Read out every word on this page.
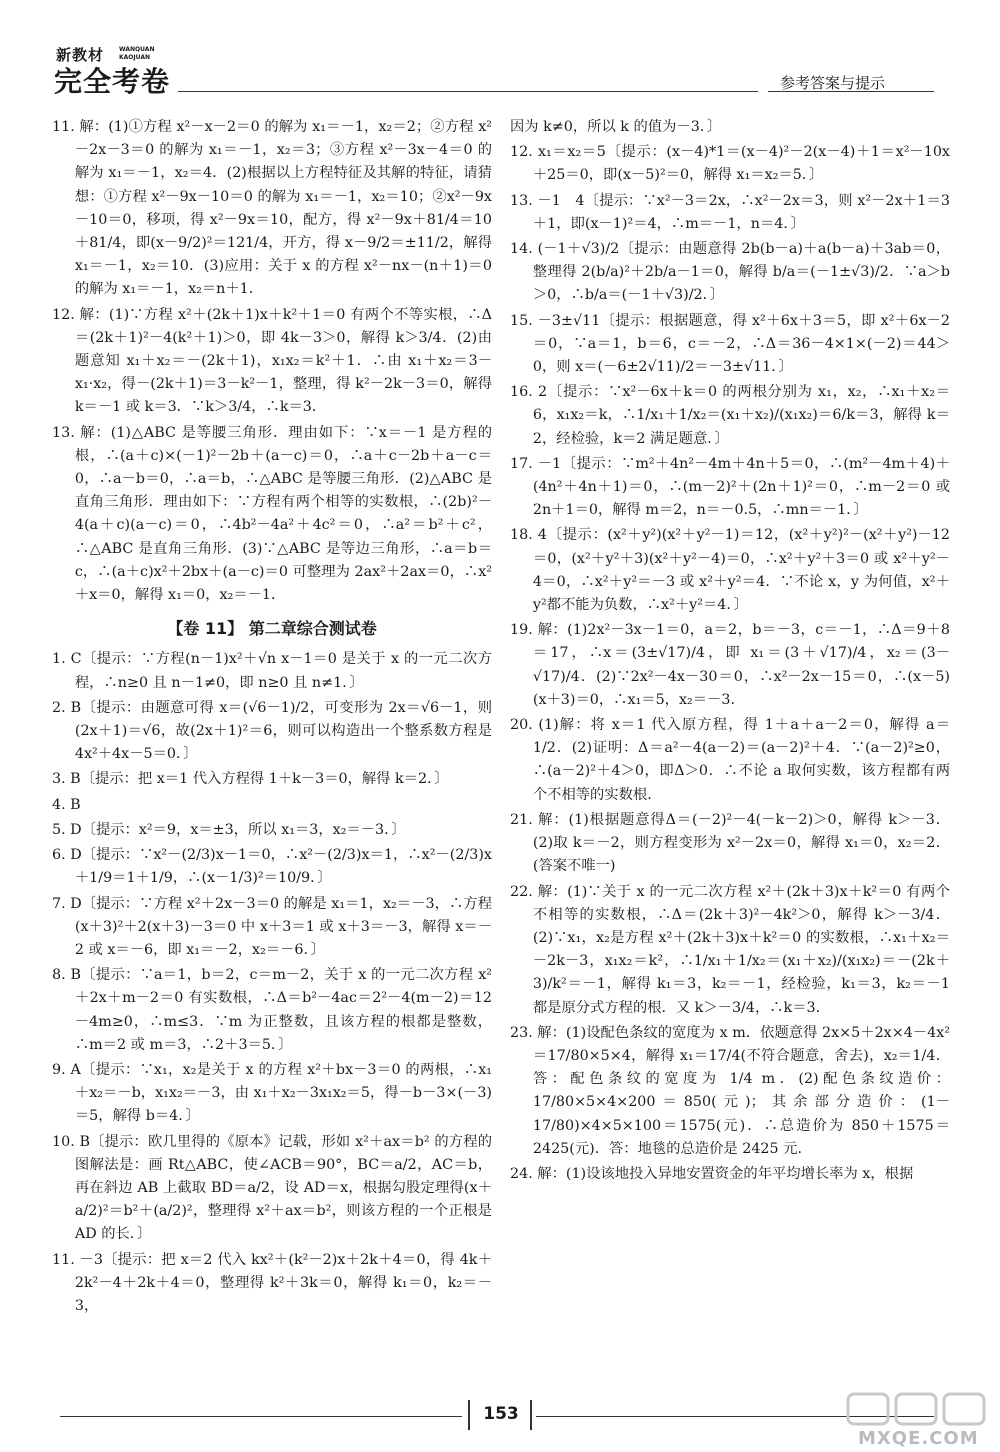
新教材 WANQUAN
KAOJUAN
完全考卷	参考答案与提示

11. 解：(1)①方程 x²－x－2＝0 的解为 x₁＝－1，x₂＝2；②方程 x²－2x－3＝0 的解为 x₁＝－1，x₂＝3；③方程 x²－3x－4＝0 的解为 x₁＝－1，x₂＝4．(2)根据以上方程特征及其解的特征，请猜想：①方程 x²－9x－10＝0 的解为 x₁＝－1，x₂＝10；②x²－9x－10＝0，移项，得 x²－9x＝10，配方，得 x²－9x＋81/4＝10＋81/4，即(x－9/2)²＝121/4，开方，得 x－9/2＝±11/2，解得 x₁＝－1，x₂＝10．(3)应用：关于 x 的方程 x²－nx－(n＋1)＝0 的解为 x₁＝－1，x₂＝n＋1．

12. 解：(1)∵方程 x²＋(2k＋1)x＋k²＋1＝0 有两个不等实根，∴Δ＝(2k＋1)²－4(k²＋1)＞0，即 4k－3＞0，解得 k＞3/4．(2)由题意知 x₁＋x₂＝－(2k＋1)，x₁x₂＝k²＋1．∴由 x₁＋x₂＝3－x₁·x₂，得－(2k＋1)＝3－k²－1，整理，得 k²－2k－3＝0，解得 k＝－1 或 k＝3．∵k＞3/4，∴k＝3．

13. 解：(1)△ABC 是等腰三角形．理由如下：∵x＝－1 是方程的根，∴(a＋c)×(－1)²－2b＋(a－c)＝0，∴a＋c－2b＋a－c＝0，∴a－b＝0，∴a＝b，∴△ABC 是等腰三角形．(2)△ABC 是直角三角形．理由如下：∵方程有两个相等的实数根，∴(2b)²－4(a＋c)(a－c)＝0，∴4b²－4a²＋4c²＝0，∴a²＝b²＋c²，∴△ABC 是直角三角形．(3)∵△ABC 是等边三角形，∴a＝b＝c，∴(a＋c)x²＋2bx＋(a－c)＝0 可整理为 2ax²＋2ax＝0，∴x²＋x＝0，解得 x₁＝0，x₂＝－1．

【卷 11】 第二章综合测试卷

1. C〔提示：∵方程(n－1)x²＋√n x－1＝0 是关于 x 的一元二次方程，∴n≥0 且 n－1≠0，即 n≥0 且 n≠1．〕

2. B〔提示：由题意可得 x＝(√6－1)/2，可变形为 2x＝√6－1，则(2x＋1)＝√6，故(2x＋1)²＝6，则可以构造出一个整系数方程是 4x²＋4x－5＝0．〕

3. B〔提示：把 x＝1 代入方程得 1＋k－3＝0，解得 k＝2．〕

4. B

5. D〔提示：x²＝9，x＝±3，所以 x₁＝3，x₂＝－3．〕

6. D〔提示：∵x²－(2/3)x－1＝0，∴x²－(2/3)x＝1，∴x²－(2/3)x＋1/9＝1＋1/9，∴(x－1/3)²＝10/9．〕

7. D〔提示：∵方程 x²＋2x－3＝0 的解是 x₁＝1，x₂＝－3，∴方程(x＋3)²＋2(x＋3)－3＝0 中 x＋3＝1 或 x＋3＝－3，解得 x＝－2 或 x＝－6，即 x₁＝－2，x₂＝－6．〕

8. B〔提示：∵a＝1，b＝2，c＝m－2，关于 x 的一元二次方程 x²＋2x＋m－2＝0 有实数根，∴Δ＝b²－4ac＝2²－4(m－2)＝12－4m≥0，∴m≤3．∵m 为正整数，且该方程的根都是整数，∴m＝2 或 m＝3，∴2＋3＝5．〕

9. A〔提示：∵x₁，x₂是关于 x 的方程 x²＋bx－3＝0 的两根，∴x₁＋x₂＝－b，x₁x₂＝－3，由 x₁＋x₂－3x₁x₂＝5，得－b－3×(－3)＝5，解得 b＝4．〕

10. B〔提示：欧几里得的《原本》记载，形如 x²＋ax＝b² 的方程的图解法是：画 Rt△ABC，使∠ACB＝90°，BC＝a/2，AC＝b，再在斜边 AB 上截取 BD＝a/2，设 AD＝x，根据勾股定理得(x＋a/2)²＝b²＋(a/2)²，整理得 x²＋ax＝b²，则该方程的一个正根是 AD 的长．〕

11. －3〔提示：把 x＝2 代入 kx²＋(k²－2)x＋2k＋4＝0，得 4k＋2k²－4＋2k＋4＝0，整理得 k²＋3k＝0，解得 k₁＝0，k₂＝－3，

因为 k≠0，所以 k 的值为－3．〕

12. x₁＝x₂＝5〔提示：(x－4)*1＝(x－4)²－2(x－4)＋1＝x²－10x＋25＝0，即(x－5)²＝0，解得 x₁＝x₂＝5．〕

13. －1　4〔提示：∵x²－3＝2x，∴x²－2x＝3，则 x²－2x＋1＝3＋1，即(x－1)²＝4，∴m＝－1，n＝4．〕

14. (－1＋√3)/2〔提示：由题意得 2b(b－a)＋a(b－a)＋3ab＝0，整理得 2(b/a)²＋2b/a－1＝0，解得 b/a＝(－1±√3)/2．∵a＞b＞0，∴b/a＝(－1＋√3)/2．〕

15. －3±√11〔提示：根据题意，得 x²＋6x＋3＝5，即 x²＋6x－2＝0，∵a＝1，b＝6，c＝－2，∴Δ＝36－4×1×(－2)＝44＞0，则 x＝(－6±2√11)/2＝－3±√11．〕

16. 2〔提示：∵x²－6x＋k＝0 的两根分别为 x₁，x₂，∴x₁＋x₂＝6，x₁x₂＝k，∴1/x₁＋1/x₂＝(x₁＋x₂)/(x₁x₂)＝6/k＝3，解得 k＝2，经检验，k＝2 满足题意．〕

17. －1〔提示：∵m²＋4n²－4m＋4n＋5＝0，∴(m²－4m＋4)＋(4n²＋4n＋1)＝0，∴(m－2)²＋(2n＋1)²＝0，∴m－2＝0 或 2n＋1＝0，解得 m＝2，n＝－0.5，∴mn＝－1．〕

18. 4〔提示：(x²＋y²)(x²＋y²－1)＝12，(x²＋y²)²－(x²＋y²)－12＝0，(x²＋y²＋3)(x²＋y²－4)＝0，∴x²＋y²＋3＝0 或 x²＋y²－4＝0，∴x²＋y²＝－3 或 x²＋y²＝4．∵不论 x，y 为何值，x²＋y²都不能为负数，∴x²＋y²＝4．〕

19. 解：(1)2x²－3x－1＝0，a＝2，b＝－3，c＝－1，∴Δ＝9＋8＝17，∴x＝(3±√17)/4，即 x₁＝(3＋√17)/4，x₂＝(3－√17)/4．(2)∵2x²－4x－30＝0，∴x²－2x－15＝0，∴(x－5)(x＋3)＝0，∴x₁＝5，x₂＝－3．

20. (1)解：将 x＝1 代入原方程，得 1＋a＋a－2＝0，解得 a＝1/2．(2)证明：Δ＝a²－4(a－2)＝(a－2)²＋4．∵(a－2)²≥0，∴(a－2)²＋4＞0，即Δ＞0．∴不论 a 取何实数，该方程都有两个不相等的实数根．

21. 解：(1)根据题意得Δ＝(－2)²－4(－k－2)＞0，解得 k＞－3．(2)取 k＝－2，则方程变形为 x²－2x＝0，解得 x₁＝0，x₂＝2．(答案不唯一)

22. 解：(1)∵关于 x 的一元二次方程 x²＋(2k＋3)x＋k²＝0 有两个不相等的实数根，∴Δ＝(2k＋3)²－4k²＞0，解得 k＞－3/4．(2)∵x₁，x₂是方程 x²＋(2k＋3)x＋k²＝0 的实数根，∴x₁＋x₂＝－2k－3，x₁x₂＝k²，∴1/x₁＋1/x₂＝(x₁＋x₂)/(x₁x₂)＝－(2k＋3)/k²＝－1，解得 k₁＝3，k₂＝－1，经检验，k₁＝3，k₂＝－1 都是原分式方程的根．又 k＞－3/4，∴k＝3．

23. 解：(1)设配色条纹的宽度为 x m．依题意得 2x×5＋2x×4－4x²＝17/80×5×4，解得 x₁＝17/4(不符合题意，舍去)，x₂＝1/4．答：配色条纹的宽度为 1/4 m．(2)配色条纹造价：17/80×5×4×200＝850(元)；其余部分造价：(1－17/80)×4×5×100＝1575(元)．∴总造价为 850＋1575＝2425(元)．答：地毯的总造价是 2425 元．

24. 解：(1)设该地投入异地安置资金的年平均增长率为 x，根据

153
MXQE.COM
